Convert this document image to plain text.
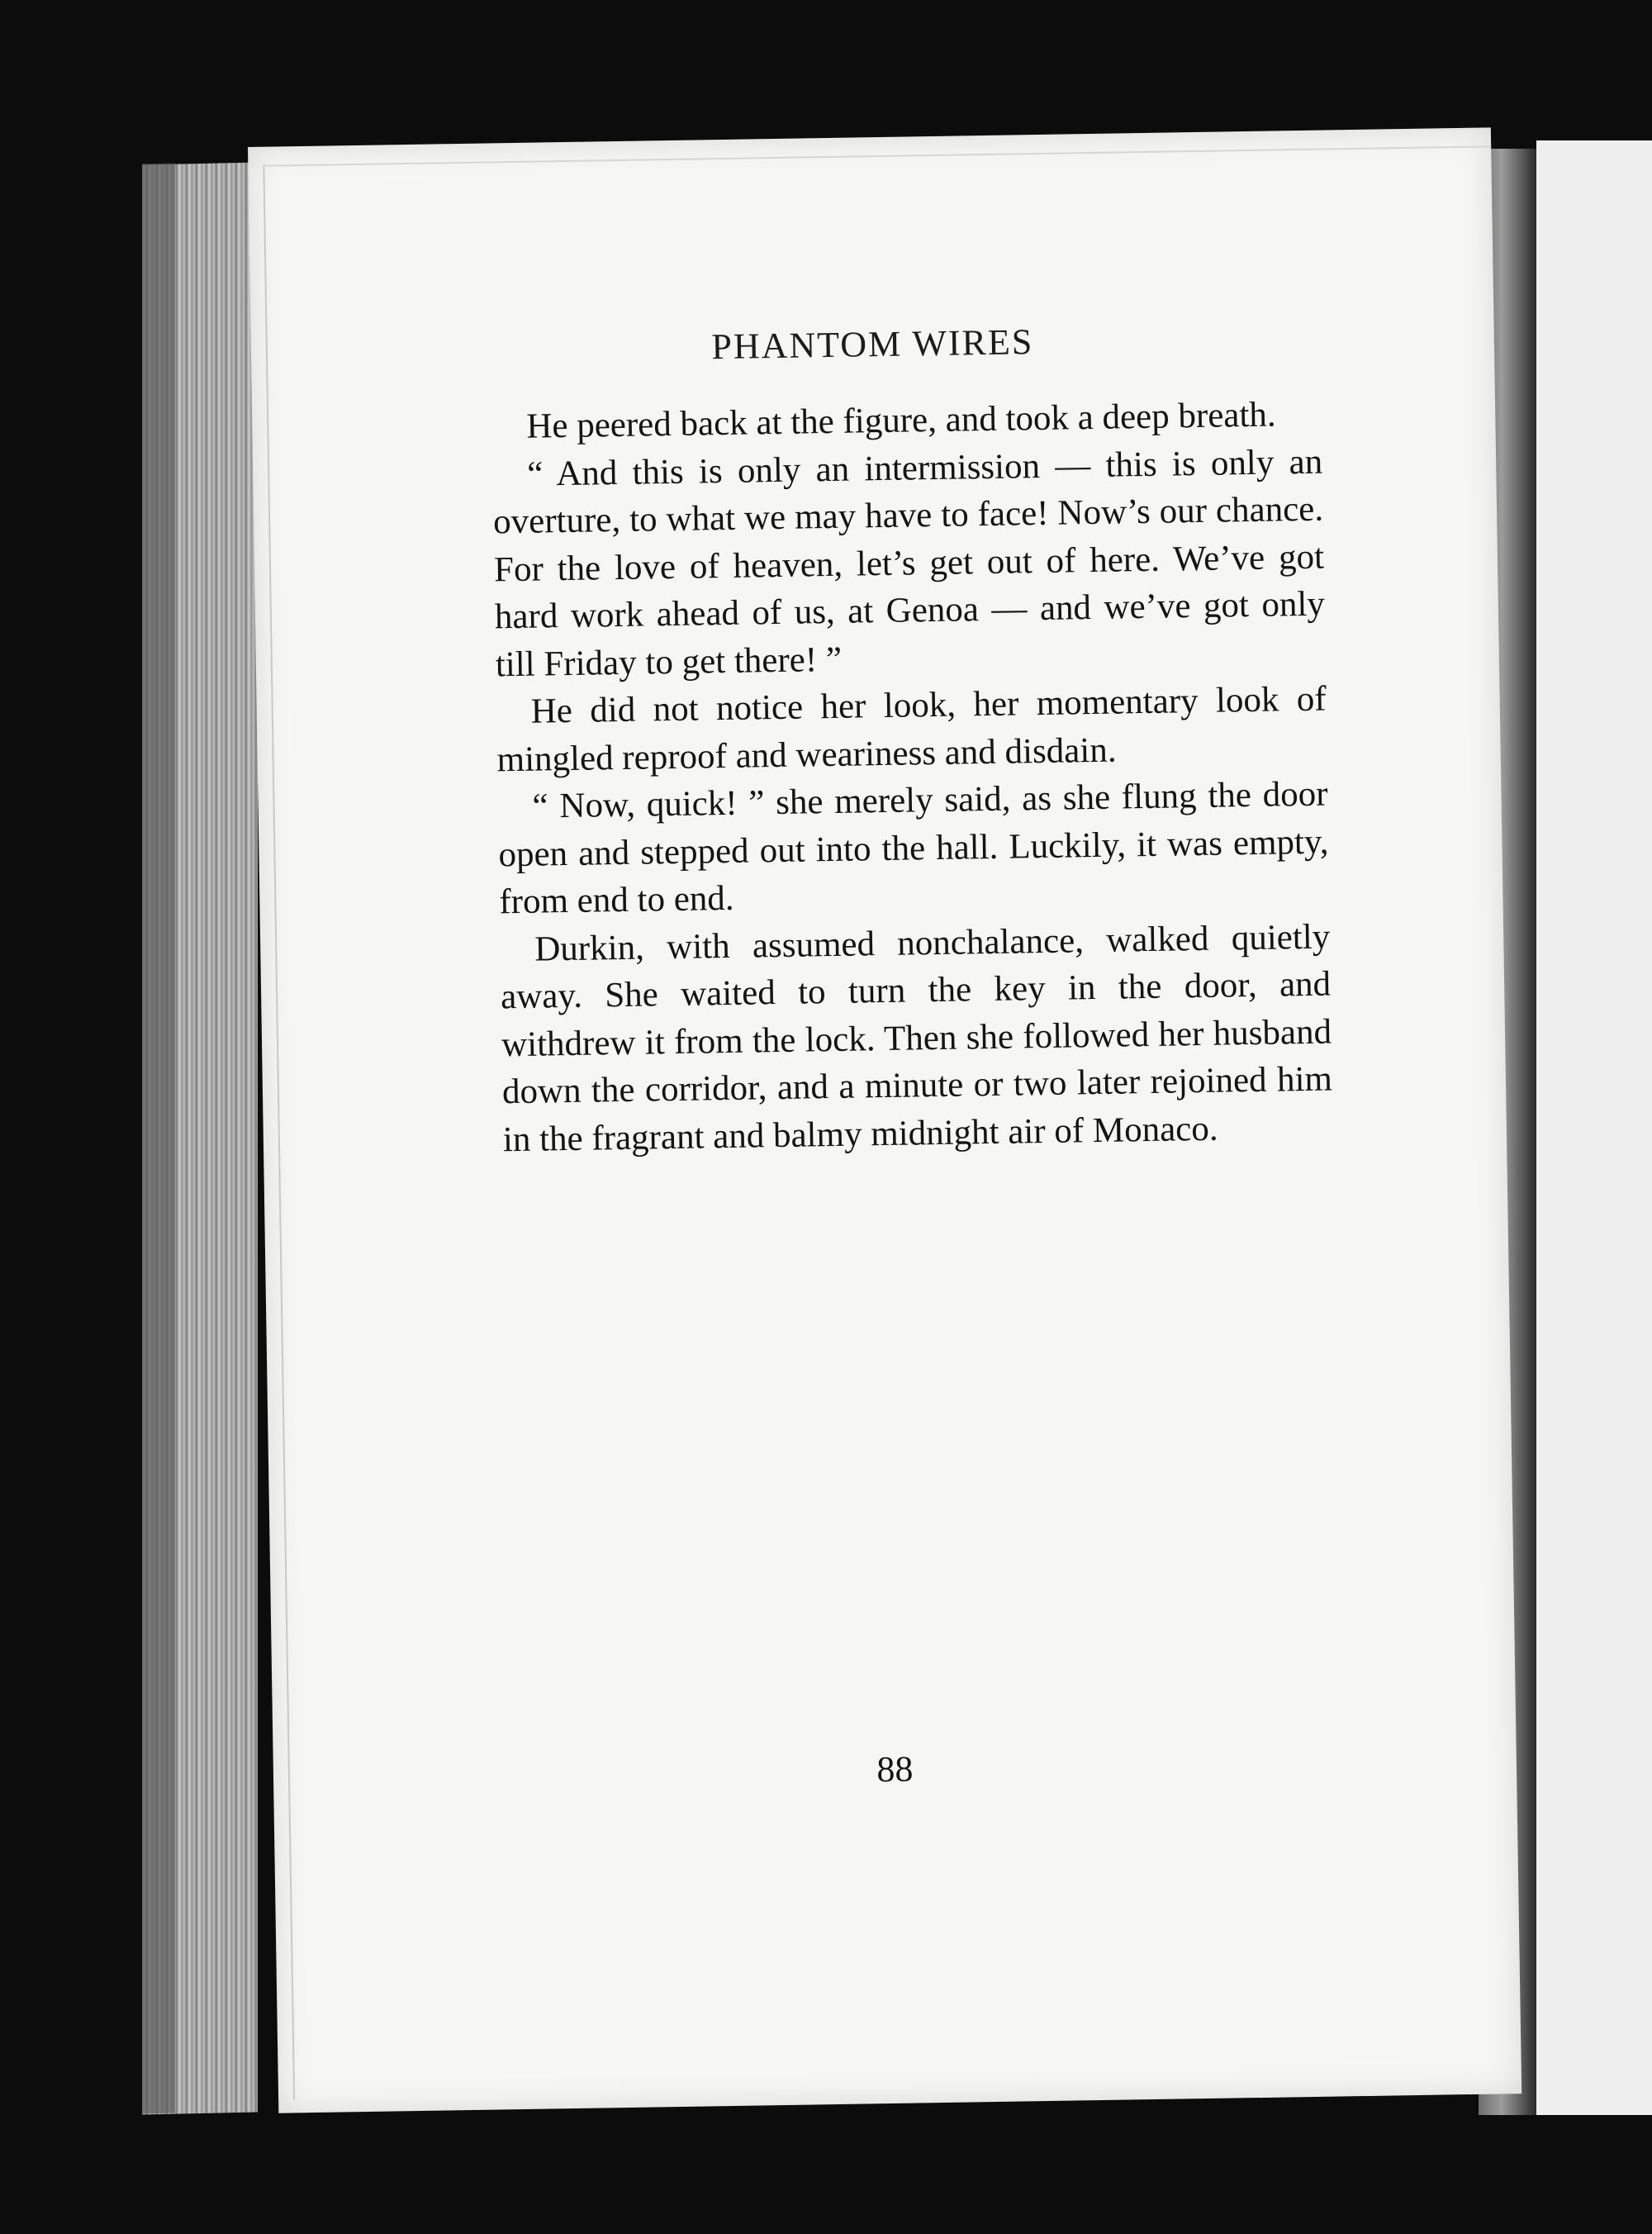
PHANTOM WIRES

He peered back at the figure, and took a deep breath.

“ And this is only an intermission — this is only an overture, to what we may have to face! Now’s our chance. For the love of heaven, let’s get out of here. We’ve got hard work ahead of us, at Genoa — and we’ve got only till Friday to get there! ”

He did not notice her look, her momentary look of mingled reproof and weariness and disdain.

“ Now, quick! ” she merely said, as she flung the door open and stepped out into the hall. Luckily, it was empty, from end to end.

Durkin, with assumed nonchalance, walked quietly away. She waited to turn the key in the door, and withdrew it from the lock. Then she followed her husband down the corridor, and a minute or two later rejoined him in the fragrant and balmy midnight air of Monaco.

88
